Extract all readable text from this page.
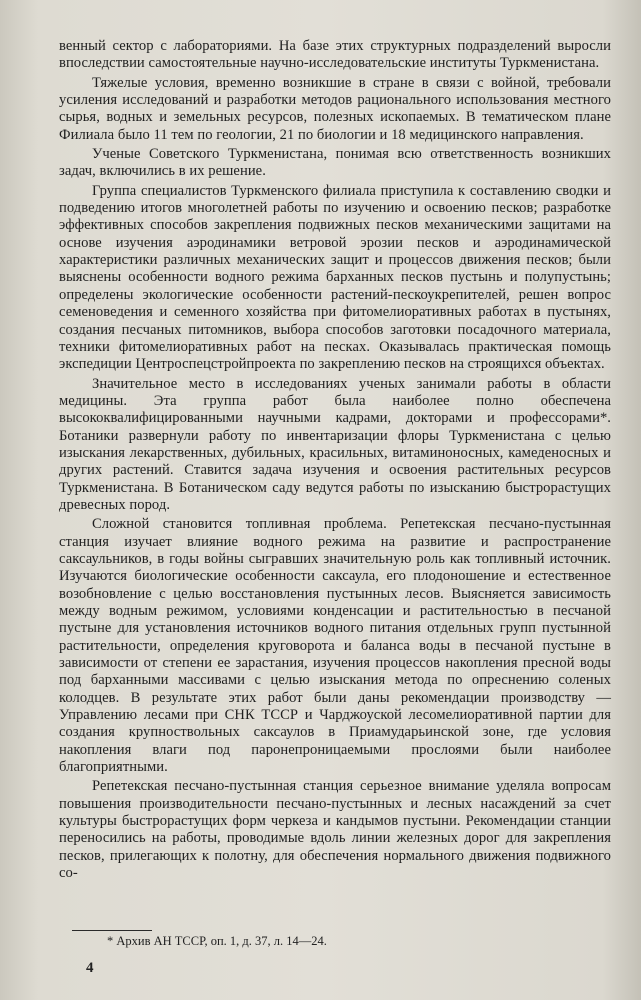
венный сектор с лабораториями. На базе этих структурных подразделений выросли впоследствии самостоятельные научно-исследовательские институты Туркменистана.

Тяжелые условия, временно возникшие в стране в связи с войной, требовали усиления исследований и разработки методов рационального использования местного сырья, водных и земельных ресурсов, полезных ископаемых. В тематическом плане Филиала было 11 тем по геологии, 21 по биологии и 18 медицинского направления.

Ученые Советского Туркменистана, понимая всю ответственность возникших задач, включились в их решение.

Группа специалистов Туркменского филиала приступила к составлению сводки и подведению итогов многолетней работы по изучению и освоению песков; разработке эффективных способов закрепления подвижных песков механическими защитами на основе изучения аэродинамики ветровой эрозии песков и аэродинамической характеристики различных механических защит и процессов движения песков; были выяснены особенности водного режима барханных песков пустынь и полупустынь; определены экологические особенности растений-пескоукрепителей, решен вопрос семеноведения и семенного хозяйства при фитомелиоративных работах в пустынях, создания песчаных питомников, выбора способов заготовки посадочного материала, техники фитомелиоративных работ на песках. Оказывалась практическая помощь экспедиции Центроспецстройпроекта по закреплению песков на строящихся объектах.

Значительное место в исследованиях ученых занимали работы в области медицины. Эта группа работ была наиболее полно обеспечена высококвалифицированными научными кадрами, докторами и профессорами*. Ботаники развернули работу по инвентаризации флоры Туркменистана с целью изыскания лекарственных, дубильных, красильных, витаминоносных, камеденосных и других растений. Ставится задача изучения и освоения растительных ресурсов Туркменистана. В Ботаническом саду ведутся работы по изысканию быстрорастущих древесных пород.

Сложной становится топливная проблема. Репетекская песчано-пустынная станция изучает влияние водного режима на развитие и распространение саксаульников, в годы войны сыгравших значительную роль как топливный источник. Изучаются биологические особенности саксаула, его плодоношение и естественное возобновление с целью восстановления пустынных лесов. Выясняется зависимость между водным режимом, условиями конденсации и растительностью в песчаной пустыне для установления источников водного питания отдельных групп пустынной растительности, определения круговорота и баланса воды в песчаной пустыне в зависимости от степени ее зарастания, изучения процессов накопления пресной воды под барханными массивами с целью изыскания метода по опреснению соленых колодцев. В результате этих работ были даны рекомендации производству — Управлению лесами при СНК ТССР и Чарджоуской лесомелиоративной партии для создания крупноствольных саксаулов в Приамударьинской зоне, где условия накопления влаги под паронепроницаемыми прослоями были наиболее благоприятными.

Репетекская песчано-пустынная станция серьезное внимание уделяла вопросам повышения производительности песчано-пустынных и лесных насаждений за счет культуры быстрорастущих форм черкеза и кандымов пустыни. Рекомендации станции переносились на работы, проводимые вдоль линии железных дорог для закрепления песков, прилегающих к полотну, для обеспечения нормального движения подвижного со-

* Архив АН ТССР, оп. 1, д. 37, л. 14—24.
4
